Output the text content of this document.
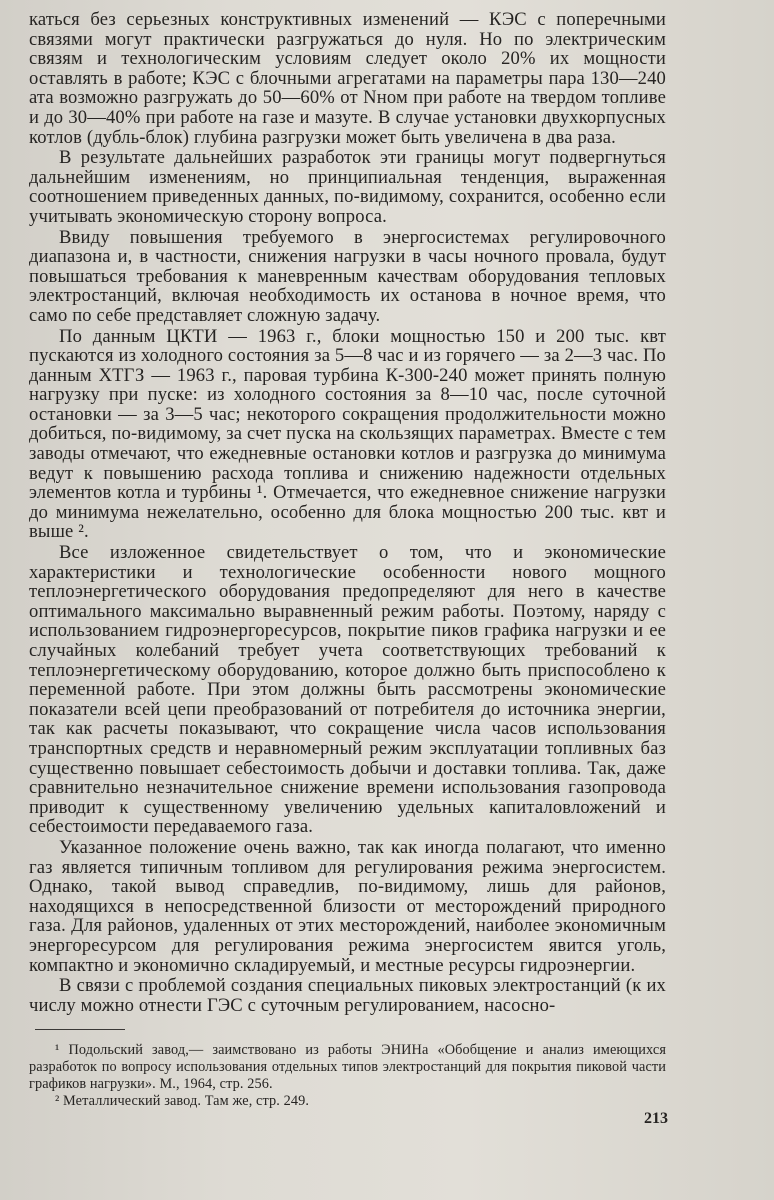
каться без серьезных конструктивных изменений — КЭС с поперечными связями могут практически разгружаться до нуля. Но по электрическим связям и технологическим условиям следует около 20% их мощности оставлять в работе; КЭС с блочными агрегатами на параметры пара 130—240 ата возможно разгружать до 50—60% от Nном при работе на твердом топливе и до 30—40% при работе на газе и мазуте. В случае установки двухкорпусных котлов (дубль-блок) глубина разгрузки может быть увеличена в два раза.

В результате дальнейших разработок эти границы могут подвергнуться дальнейшим изменениям, но принципиальная тенденция, выраженная соотношением приведенных данных, по-видимому, сохранится, особенно если учитывать экономическую сторону вопроса.

Ввиду повышения требуемого в энергосистемах регулировочного диапазона и, в частности, снижения нагрузки в часы ночного провала, будут повышаться требования к маневренным качествам оборудования тепловых электростанций, включая необходимость их останова в ночное время, что само по себе представляет сложную задачу.

По данным ЦКТИ — 1963 г., блоки мощностью 150 и 200 тыс. квт пускаются из холодного состояния за 5—8 час и из горячего — за 2—3 час. По данным ХТГЗ — 1963 г., паровая турбина К-300-240 может принять полную нагрузку при пуске: из холодного состояния за 8—10 час, после суточной остановки — за 3—5 час; некоторого сокращения продолжительности можно добиться, по-видимому, за счет пуска на скользящих параметрах. Вместе с тем заводы отмечают, что ежедневные остановки котлов и разгрузка до минимума ведут к повышению расхода топлива и снижению надежности отдельных элементов котла и турбины ¹. Отмечается, что ежедневное снижение нагрузки до минимума нежелательно, особенно для блока мощностью 200 тыс. квт и выше ².

Все изложенное свидетельствует о том, что и экономические характеристики и технологические особенности нового мощного теплоэнергетического оборудования предопределяют для него в качестве оптимального максимально выравненный режим работы. Поэтому, наряду с использованием гидроэнергоресурсов, покрытие пиков графика нагрузки и ее случайных колебаний требует учета соответствующих требований к теплоэнергетическому оборудованию, которое должно быть приспособлено к переменной работе. При этом должны быть рассмотрены экономические показатели всей цепи преобразований от потребителя до источника энергии, так как расчеты показывают, что сокращение числа часов использования транспортных средств и неравномерный режим эксплуатации топливных баз существенно повышает себестоимость добычи и доставки топлива. Так, даже сравнительно незначительное снижение времени использования газопровода приводит к существенному увеличению удельных капиталовложений и себестоимости передаваемого газа.

Указанное положение очень важно, так как иногда полагают, что именно газ является типичным топливом для регулирования режима энергосистем. Однако, такой вывод справедлив, по-видимому, лишь для районов, находящихся в непосредственной близости от месторождений природного газа. Для районов, удаленных от этих месторождений, наиболее экономичным энергоресурсом для регулирования режима энергосистем явится уголь, компактно и экономично складируемый, и местные ресурсы гидроэнергии.

В связи с проблемой создания специальных пиковых электростанций (к их числу можно отнести ГЭС с суточным регулированием, насосно-

¹ Подольский завод,— заимствовано из работы ЭНИНа «Обобщение и анализ имеющихся разработок по вопросу использования отдельных типов электростанций для покрытия пиковой части графиков нагрузки». М., 1964, стр. 256.

² Металлический завод. Там же, стр. 249.

213
